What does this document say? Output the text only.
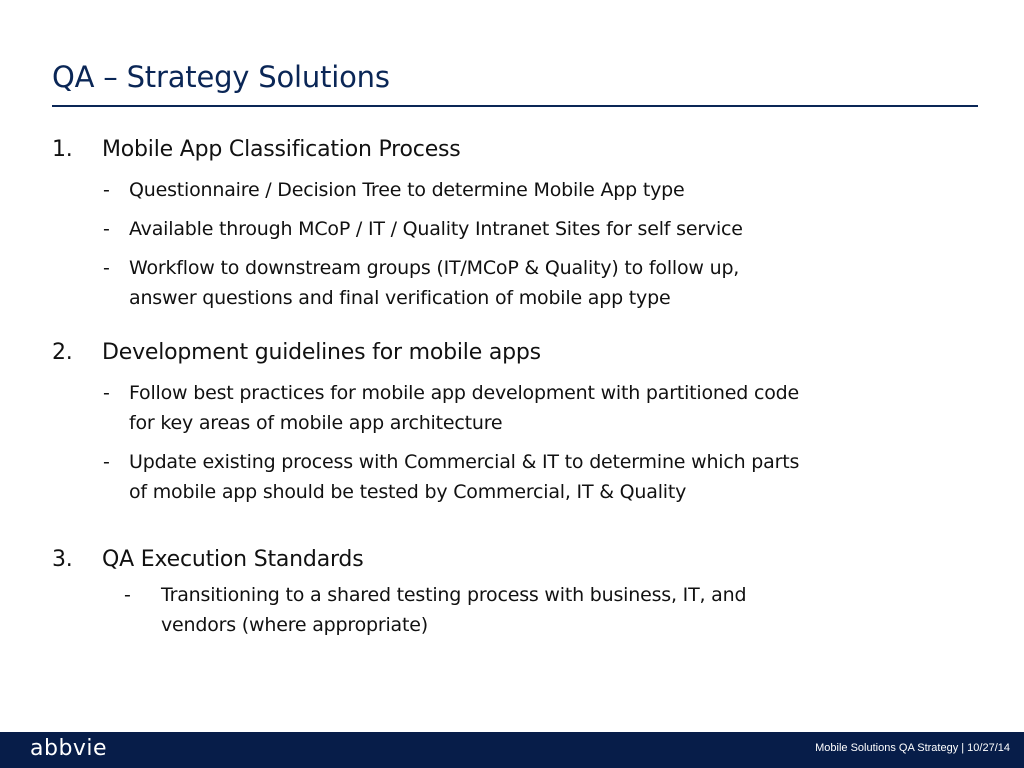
QA – Strategy Solutions
1. Mobile App Classification Process
- Questionnaire / Decision Tree to determine Mobile App type
- Available through MCoP / IT / Quality Intranet Sites for self service
- Workflow to downstream groups (IT/MCoP & Quality) to follow up,
answer questions and final verification of mobile app type
2. Development guidelines for mobile apps
- Follow best practices for mobile app development with partitioned code
for key areas of mobile app architecture
- Update existing process with Commercial & IT to determine which parts
of mobile app should be tested by Commercial, IT & Quality
3. QA Execution Standards
- Transitioning to a shared testing process with business, IT, and
vendors (where appropriate)
abbvie	Mobile Solutions QA Strategy | 10/27/14
